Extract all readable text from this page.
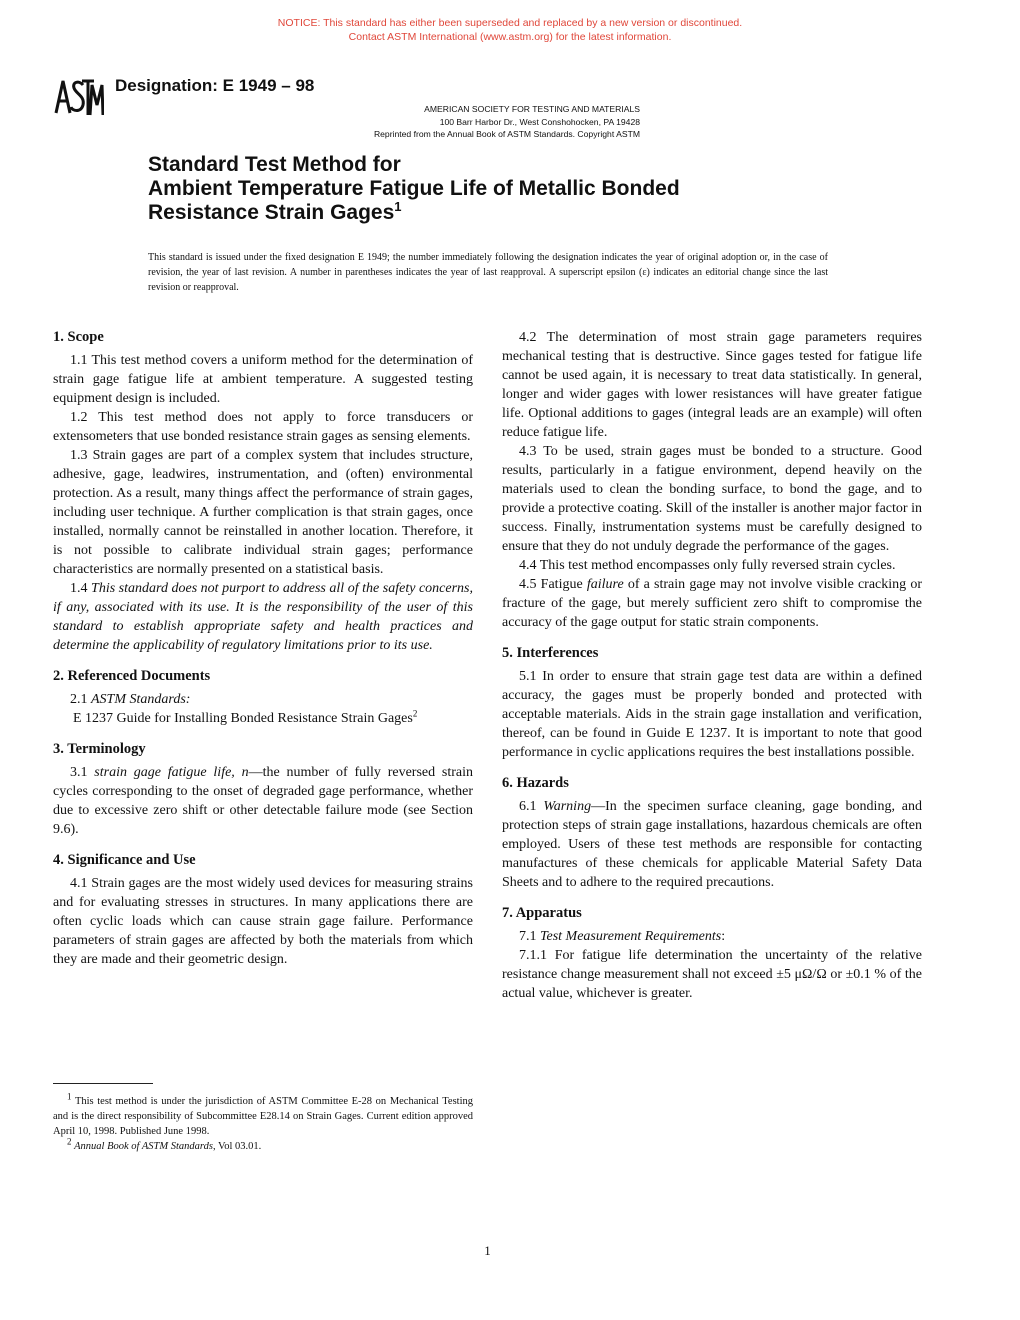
NOTICE: This standard has either been superseded and replaced by a new version or discontinued.
Contact ASTM International (www.astm.org) for the latest information.
Designation: E 1949 – 98
AMERICAN SOCIETY FOR TESTING AND MATERIALS
100 Barr Harbor Dr., West Conshohocken, PA 19428
Reprinted from the Annual Book of ASTM Standards. Copyright ASTM
Standard Test Method for
Ambient Temperature Fatigue Life of Metallic Bonded
Resistance Strain Gages$^1$
This standard is issued under the fixed designation E 1949; the number immediately following the designation indicates the year of original adoption or, in the case of revision, the year of last revision. A number in parentheses indicates the year of last reapproval. A superscript epsilon (ε) indicates an editorial change since the last revision or reapproval.
1. Scope

1.1 This test method covers a uniform method for the determination of strain gage fatigue life at ambient temperature. A suggested testing equipment design is included.

1.2 This test method does not apply to force transducers or extensometers that use bonded resistance strain gages as sensing elements.

1.3 Strain gages are part of a complex system that includes structure, adhesive, gage, leadwires, instrumentation, and (often) environmental protection. As a result, many things affect the performance of strain gages, including user technique. A further complication is that strain gages, once installed, normally cannot be reinstalled in another location. Therefore, it is not possible to calibrate individual strain gages; performance characteristics are normally presented on a statistical basis.

1.4 This standard does not purport to address all of the safety concerns, if any, associated with its use. It is the responsibility of the user of this standard to establish appropriate safety and health practices and determine the applicability of regulatory limitations prior to its use.

2. Referenced Documents

2.1 ASTM Standards:

E 1237 Guide for Installing Bonded Resistance Strain Gages$^2$

3. Terminology

3.1 strain gage fatigue life, n—the number of fully reversed strain cycles corresponding to the onset of degraded gage performance, whether due to excessive zero shift or other detectable failure mode (see Section 9.6).

4. Significance and Use

4.1 Strain gages are the most widely used devices for measuring strains and for evaluating stresses in structures. In many applications there are often cyclic loads which can cause strain gage failure. Performance parameters of strain gages are affected by both the materials from which they are made and their geometric design.

4.2 The determination of most strain gage parameters requires mechanical testing that is destructive. Since gages tested for fatigue life cannot be used again, it is necessary to treat data statistically. In general, longer and wider gages with lower resistances will have greater fatigue life. Optional additions to gages (integral leads are an example) will often reduce fatigue life.

4.3 To be used, strain gages must be bonded to a structure. Good results, particularly in a fatigue environment, depend heavily on the materials used to clean the bonding surface, to bond the gage, and to provide a protective coating. Skill of the installer is another major factor in success. Finally, instrumentation systems must be carefully designed to ensure that they do not unduly degrade the performance of the gages.

4.4 This test method encompasses only fully reversed strain cycles.

4.5 Fatigue failure of a strain gage may not involve visible cracking or fracture of the gage, but merely sufficient zero shift to compromise the accuracy of the gage output for static strain components.

5. Interferences

5.1 In order to ensure that strain gage test data are within a defined accuracy, the gages must be properly bonded and protected with acceptable materials. Aids in the strain gage installation and verification, thereof, can be found in Guide E 1237. It is important to note that good performance in cyclic applications requires the best installations possible.

6. Hazards

6.1 Warning—In the specimen surface cleaning, gage bonding, and protection steps of strain gage installations, hazardous chemicals are often employed. Users of these test methods are responsible for contacting manufactures of these chemicals for applicable Material Safety Data Sheets and to adhere to the required precautions.

7. Apparatus

7.1 Test Measurement Requirements:

7.1.1 For fatigue life determination the uncertainty of the relative resistance change measurement shall not exceed ±5 μΩ/Ω or ±0.1 % of the actual value, whichever is greater.

$^1$ This test method is under the jurisdiction of ASTM Committee E-28 on Mechanical Testing and is the direct responsibility of Subcommittee E28.14 on Strain Gages. Current edition approved April 10, 1998. Published June 1998.

$^2$ Annual Book of ASTM Standards, Vol 03.01.

1
